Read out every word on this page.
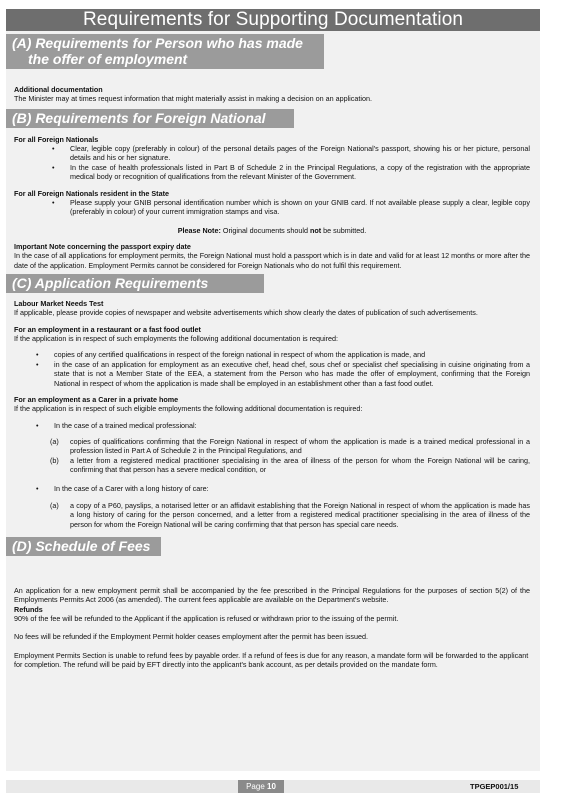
Requirements for Supporting Documentation
(A) Requirements for Person who has made
the offer of employment
Additional documentation
The Minister may at times request information that might materially assist in making a decision on an application.
(B) Requirements for Foreign National
For all Foreign Nationals
• Clear, legible copy (preferably in colour) of the personal details pages of the Foreign National's passport, showing his or her picture, personal details and his or her signature.
• In the case of health professionals listed in Part B of Schedule 2 in the Principal Regulations, a copy of the registration with the appropriate medical body or recognition of qualifications from the relevant Minister of the Government.
For all Foreign Nationals resident in the State
• Please supply your GNIB personal identification number which is shown on your GNIB card. If not available please supply a clear, legible copy (preferably in colour) of your current immigration stamps and visa.
Please Note: Original documents should not be submitted.
Important Note concerning the passport expiry date
In the case of all applications for employment permits, the Foreign National must hold a passport which is in date and valid for at least 12 months or more after the date of the application. Employment Permits cannot be considered for Foreign Nationals who do not fulfil this requirement.
(C) Application Requirements
Labour Market Needs Test
If applicable, please provide copies of newspaper and website advertisements which show clearly the dates of publication of such advertisements.
For an employment in a restaurant or a fast food outlet
If the application is in respect of such employments the following additional documentation is required:
• copies of any certified qualifications in respect of the foreign national in respect of whom the application is made, and
• in the case of an application for employment as an executive chef, head chef, sous chef or specialist chef specialising in cuisine originating from a state that is not a Member State of the EEA, a statement from the Person who has made the offer of employment, confirming that the Foreign National in respect of whom the application is made shall be employed in an establishment other than a fast food outlet.
For an employment as a Carer in a private home
If the application is in respect of such eligible employments the following additional documentation is required:
• In the case of a trained medical professional:
(a) copies of qualifications confirming that the Foreign National in respect of whom the application is made is a trained medical professional in a profession listed in Part A of Schedule 2 in the Principal Regulations, and
(b) a letter from a registered medical practitioner specialising in the area of illness of the person for whom the Foreign National will be caring, confirming that that person has a severe medical condition, or
• In the case of a Carer with a long history of care:
(a) a copy of a P60, payslips, a notarised letter or an affidavit establishing that the Foreign National in respect of whom the application is made has a long history of caring for the person concerned, and a letter from a registered medical practitioner specialising in the area of illness of the person for whom the Foreign National will be caring confirming that that person has special care needs.
(D) Schedule of Fees
An application for a new employment permit shall be accompanied by the fee prescribed in the Principal Regulations for the purposes of section 5(2) of the Employments Permits Act 2006 (as amended). The current fees applicable are available on the Department's website.
Refunds
90% of the fee will be refunded to the Applicant if the application is refused or withdrawn prior to the issuing of the permit.
No fees will be refunded if the Employment Permit holder ceases employment after the permit has been issued.
Employment Permits Section is unable to refund fees by payable order. If a refund of fees is due for any reason, a mandate form will be forwarded to the applicant for completion. The refund will be paid by EFT directly into the applicant's bank account, as per details provided on the mandate form.
Page 10	TPGEP001/15
